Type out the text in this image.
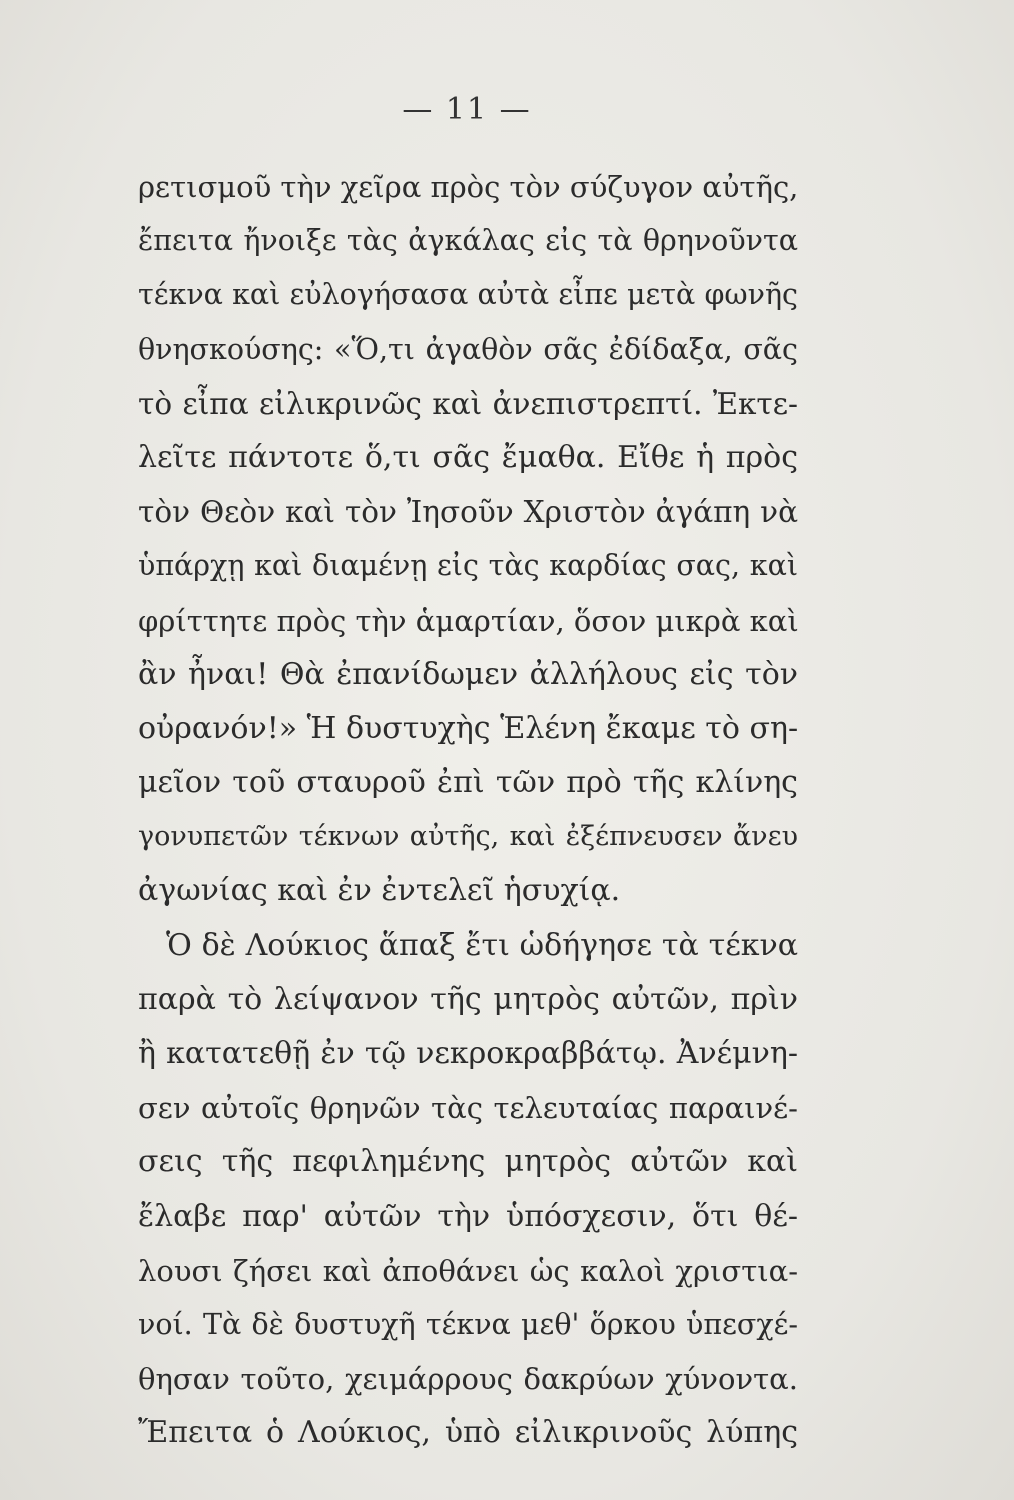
— 11 —
ρετισμοῦ τὴν χεῖρα πρὸς τὸν σύζυγον αὐτῆς,
ἔπειτα ἤνοιξε τὰς ἀγκάλας εἰς τὰ θρηνοῦντα
τέκνα καὶ εὐλογήσασα αὐτὰ εἶπε μετὰ φωνῆς
θνησκούσης: «Ὅ,τι ἀγαθὸν σᾶς ἐδίδαξα, σᾶς
τὸ εἶπα εἰλικρινῶς καὶ ἀνεπιστρεπτί. Ἐκτε-
λεῖτε πάντοτε ὅ,τι σᾶς ἔμαθα. Εἴθε ἡ πρὸς
τὸν Θεὸν καὶ τὸν Ἰησοῦν Χριστὸν ἀγάπη νὰ
ὑπάρχῃ καὶ διαμένῃ εἰς τὰς καρδίας σας, καὶ
φρίττητε πρὸς τὴν ἁμαρτίαν, ὅσον μικρὰ καὶ
ἂν ἦναι! Θὰ ἐπανίδωμεν ἀλλήλους εἰς τὸν
οὐρανόν!» Ἡ δυστυχὴς Ἑλένη ἔκαμε τὸ ση-
μεῖον τοῦ σταυροῦ ἐπὶ τῶν πρὸ τῆς κλίνης
γονυπετῶν τέκνων αὐτῆς, καὶ ἐξέπνευσεν ἄνευ
ἀγωνίας καὶ ἐν ἐντελεῖ ἡσυχίᾳ.
Ὁ δὲ Λούκιος ἅπαξ ἔτι ὡδήγησε τὰ τέκνα
παρὰ τὸ λείψανον τῆς μητρὸς αὐτῶν, πρὶν
ἢ κατατεθῇ ἐν τῷ νεκροκραββάτῳ. Ἀνέμνη-
σεν αὐτοῖς θρηνῶν τὰς τελευταίας παραινέ-
σεις τῆς πεφιλημένης μητρὸς αὐτῶν καὶ
ἔλαβε παρ' αὐτῶν τὴν ὑπόσχεσιν, ὅτι θέ-
λουσι ζήσει καὶ ἀποθάνει ὡς καλοὶ χριστια-
νοί. Τὰ δὲ δυστυχῆ τέκνα μεθ' ὅρκου ὑπεσχέ-
θησαν τοῦτο, χειμάρρους δακρύων χύνοντα.
Ἔπειτα ὁ Λούκιος, ὑπὸ εἰλικρινοῦς λύπης
